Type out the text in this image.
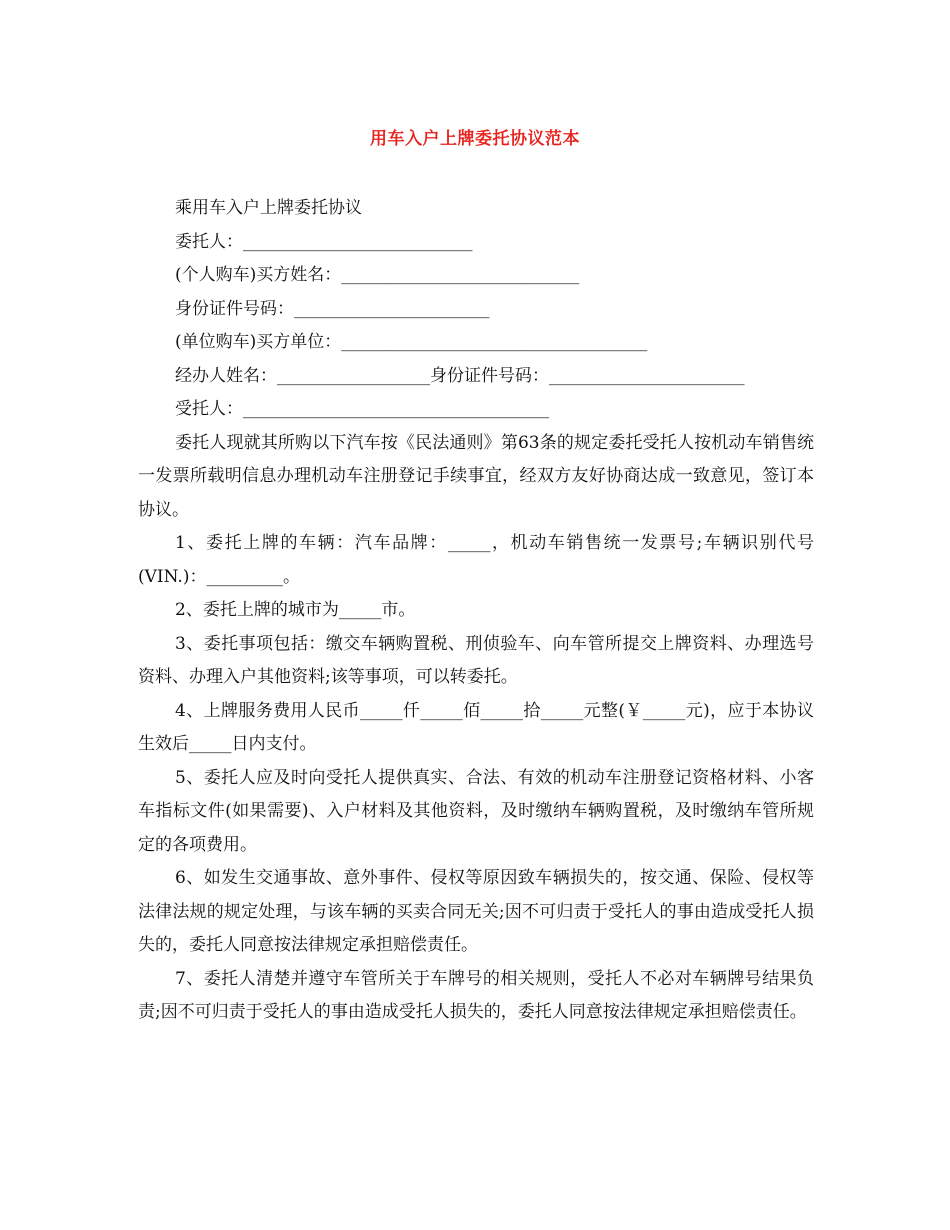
用车入户上牌委托协议范本

乘用车入户上牌委托协议

委托人：___________________________

(个人购车)买方姓名：____________________________

身份证件号码：_______________________

(单位购车)买方单位：____________________________________

经办人姓名：__________________身份证件号码：_______________________

受托人：____________________________________

委托人现就其所购以下汽车按《民法通则》第63条的规定委托受托人按机动车销售统一发票所载明信息办理机动车注册登记手续事宜，经双方友好协商达成一致意见，签订本协议。

1、委托上牌的车辆：汽车品牌：_____，机动车销售统一发票号;车辆识别代号(VIN.)：_________。

2、委托上牌的城市为_____市。

3、委托事项包括：缴交车辆购置税、刑侦验车、向车管所提交上牌资料、办理选号资料、办理入户其他资料;该等事项，可以转委托。

4、上牌服务费用人民币_____仟_____佰_____拾_____元整(￥_____元)，应于本协议生效后_____日内支付。

5、委托人应及时向受托人提供真实、合法、有效的机动车注册登记资格材料、小客车指标文件(如果需要)、入户材料及其他资料，及时缴纳车辆购置税，及时缴纳车管所规定的各项费用。

6、如发生交通事故、意外事件、侵权等原因致车辆损失的，按交通、保险、侵权等法律法规的规定处理，与该车辆的买卖合同无关;因不可归责于受托人的事由造成受托人损失的，委托人同意按法律规定承担赔偿责任。

7、委托人清楚并遵守车管所关于车牌号的相关规则，受托人不必对车辆牌号结果负责;因不可归责于受托人的事由造成受托人损失的，委托人同意按法律规定承担赔偿责任。
